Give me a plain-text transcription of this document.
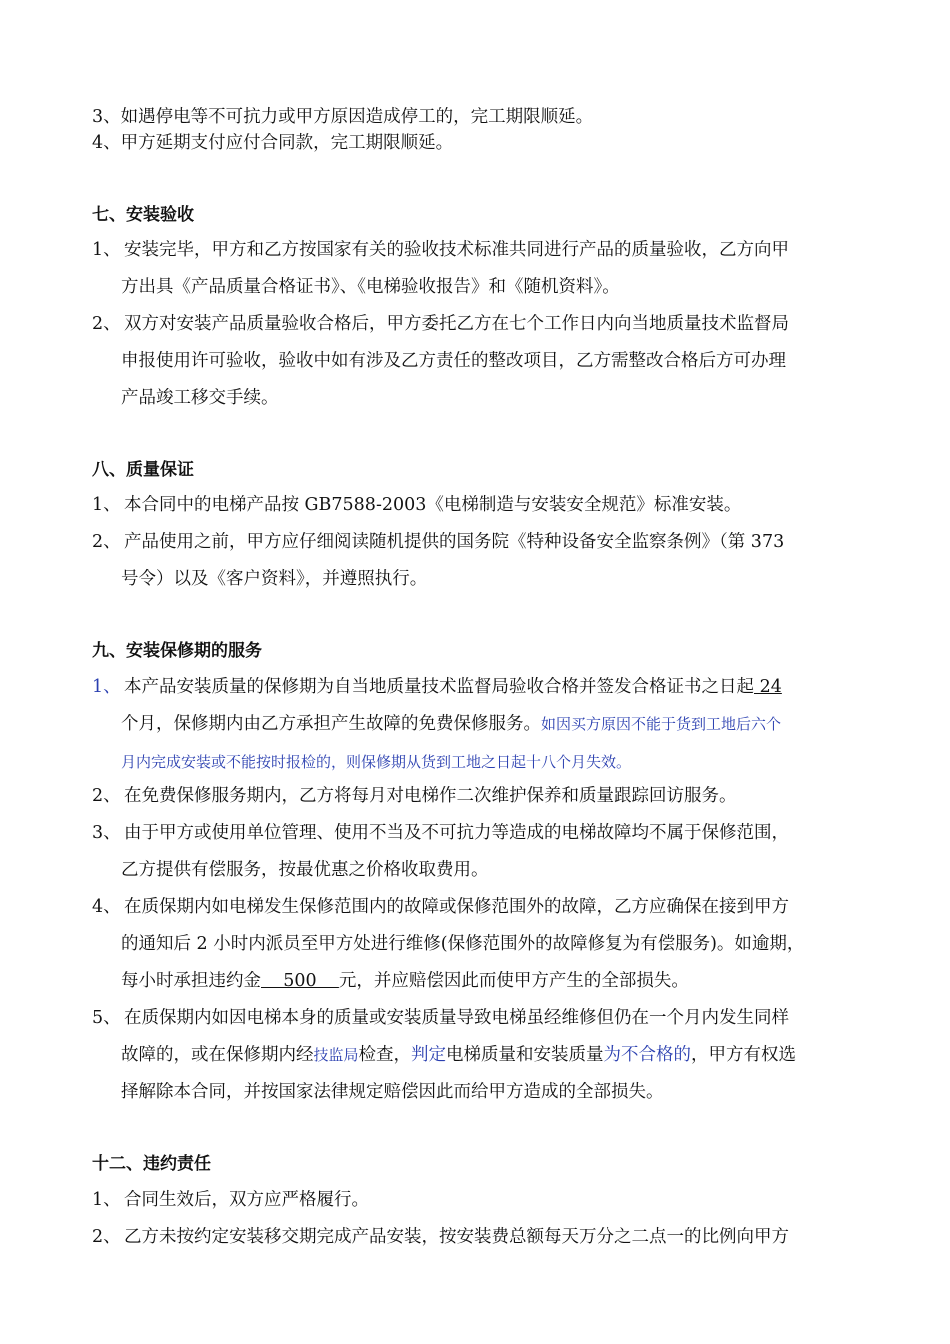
3、如遇停电等不可抗力或甲方原因造成停工的，完工期限顺延。
4、甲方延期支付应付合同款，完工期限顺延。
七、安装验收
1、 安装完毕，甲方和乙方按国家有关的验收技术标准共同进行产品的质量验收，乙方向甲
方出具《产品质量合格证书》、《电梯验收报告》和《随机资料》。
2、 双方对安装产品质量验收合格后，甲方委托乙方在七个工作日内向当地质量技术监督局
申报使用许可验收，验收中如有涉及乙方责任的整改项目，乙方需整改合格后方可办理
产品竣工移交手续。
八、质量保证
1、 本合同中的电梯产品按 GB7588-2003《电梯制造与安装安全规范》标准安装。
2、 产品使用之前，甲方应仔细阅读随机提供的国务院《特种设备安全监察条例》（第 373
号令）以及《客户资料》，并遵照执行。
九、安装保修期的服务
1、 本产品安装质量的保修期为自当地质量技术监督局验收合格并签发合格证书之日起 24
个月，保修期内由乙方承担产生故障的免费保修服务。如因买方原因不能于货到工地后六个
月内完成安装或不能按时报检的，则保修期从货到工地之日起十八个月失效。
2、 在免费保修服务期内，乙方将每月对电梯作二次维护保养和质量跟踪回访服务。
3、 由于甲方或使用单位管理、使用不当及不可抗力等造成的电梯故障均不属于保修范围，
乙方提供有偿服务，按最优惠之价格收取费用。
4、 在质保期内如电梯发生保修范围内的故障或保修范围外的故障，乙方应确保在接到甲方
的通知后 2 小时内派员至甲方处进行维修(保修范围外的故障修复为有偿服务)。如逾期，
每小时承担违约金    500    元，并应赔偿因此而使甲方产生的全部损失。
5、 在质保期内如因电梯本身的质量或安装质量导致电梯虽经维修但仍在一个月内发生同样
故障的，或在保修期内经技监局检查，判定电梯质量和安装质量为不合格的，甲方有权选
择解除本合同，并按国家法律规定赔偿因此而给甲方造成的全部损失。
十二、违约责任
1、 合同生效后，双方应严格履行。
2、 乙方未按约定安装移交期完成产品安装，按安装费总额每天万分之二点一的比例向甲方
